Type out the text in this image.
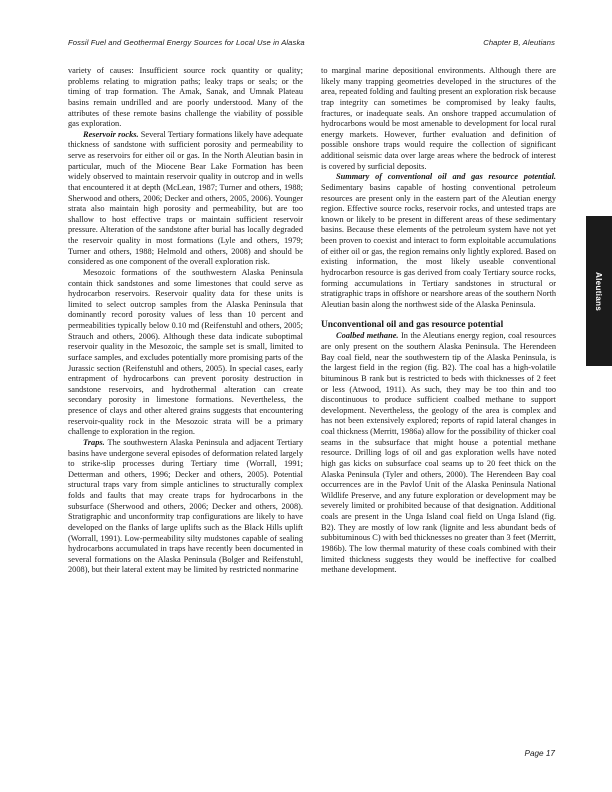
Fossil Fuel and Geothermal Energy Sources for Local Use in Alaska	Chapter B, Aleutians

variety of causes: Insufficient source rock quantity or quality; problems relating to migration paths; leaky traps or seals; or the timing of trap formation. The Amak, Sanak, and Umnak Plateau basins remain undrilled and are poorly understood. Many of the attributes of these remote basins challenge the viability of possible gas exploration.

Reservoir rocks. Several Tertiary formations likely have adequate thickness of sandstone with sufficient porosity and permeability to serve as reservoirs for either oil or gas. In the North Aleutian basin in particular, much of the Miocene Bear Lake Formation has been widely observed to maintain reservoir quality in outcrop and in wells that encountered it at depth (McLean, 1987; Turner and others, 1988; Sherwood and others, 2006; Decker and others, 2005, 2006). Younger strata also maintain high porosity and permeability, but are too shallow to host effective traps or maintain sufficient reservoir pressure. Alteration of the sandstone after burial has locally degraded the reservoir quality in most formations (Lyle and others, 1979; Turner and others, 1988; Helmold and others, 2008) and should be considered as one component of the overall exploration risk.

Mesozoic formations of the southwestern Alaska Peninsula contain thick sandstones and some limestones that could serve as hydrocarbon reservoirs. Reservoir quality data for these units is limited to select outcrop samples from the Alaska Peninsula that dominantly record porosity values of less than 10 percent and permeabilities typically below 0.10 md (Reifenstuhl and others, 2005; Strauch and others, 2006). Although these data indicate suboptimal reservoir quality in the Mesozoic, the sample set is small, limited to surface samples, and excludes potentially more promising parts of the Jurassic section (Reifenstuhl and others, 2005). In special cases, early entrapment of hydrocarbons can prevent porosity destruction in sandstone reservoirs, and hydrothermal alteration can create secondary porosity in limestone formations. Nevertheless, the presence of clays and other altered grains suggests that encountering reservoir-quality rock in the Mesozoic strata will be a primary challenge to exploration in the region.

Traps. The southwestern Alaska Peninsula and adjacent Tertiary basins have undergone several episodes of deformation related largely to strike-slip processes during Tertiary time (Worrall, 1991; Detterman and others, 1996; Decker and others, 2005). Potential structural traps vary from simple anticlines to structurally complex folds and faults that may create traps for hydrocarbons in the subsurface (Sherwood and others, 2006; Decker and others, 2008). Stratigraphic and unconformity trap configurations are likely to have developed on the flanks of large uplifts such as the Black Hills uplift (Worrall, 1991). Low-permeability silty mudstones capable of sealing hydrocarbons accumulated in traps have recently been documented in several formations on the Alaska Peninsula (Bolger and Reifenstuhl, 2008), but their lateral extent may be limited by restricted nonmarine

to marginal marine depositional environments. Although there are likely many trapping geometries developed in the structures of the area, repeated folding and faulting present an exploration risk because trap integrity can sometimes be compromised by leaky faults, fractures, or inadequate seals. An onshore trapped accumulation of hydrocarbons would be most amenable to development for local rural energy markets. However, further evaluation and definition of possible onshore traps would require the collection of significant additional seismic data over large areas where the bedrock of interest is covered by surficial deposits.

Summary of conventional oil and gas resource potential. Sedimentary basins capable of hosting conventional petroleum resources are present only in the eastern part of the Aleutian energy region. Effective source rocks, reservoir rocks, and untested traps are known or likely to be present in different areas of these sedimentary basins. Because these elements of the petroleum system have not yet been proven to coexist and interact to form exploitable accumulations of either oil or gas, the region remains only lightly explored. Based on existing information, the most likely useable conventional hydrocarbon resource is gas derived from coaly Tertiary source rocks, forming accumulations in Tertiary sandstones in structural or stratigraphic traps in offshore or nearshore areas of the southern North Aleutian basin along the northwest side of the Alaska Peninsula.

Unconventional oil and gas resource potential

Coalbed methane. In the Aleutians energy region, coal resources are only present on the southern Alaska Peninsula. The Herendeen Bay coal field, near the southwestern tip of the Alaska Peninsula, is the largest field in the region (fig. B2). The coal has a high-volatile bituminous B rank but is restricted to beds with thicknesses of 2 feet or less (Atwood, 1911). As such, they may be too thin and too discontinuous to produce sufficient coalbed methane to support development. Nevertheless, the geology of the area is complex and has not been extensively explored; reports of rapid lateral changes in coal thickness (Merritt, 1986a) allow for the possibility of thicker coal seams in the subsurface that might house a potential methane resource. Drilling logs of oil and gas exploration wells have noted high gas kicks on subsurface coal seams up to 20 feet thick on the Alaska Peninsula (Tyler and others, 2000). The Herendeen Bay coal occurrences are in the Pavlof Unit of the Alaska Peninsula National Wildlife Preserve, and any future exploration or development may be severely limited or prohibited because of that designation. Additional coals are present in the Unga Island coal field on Unga Island (fig. B2). They are mostly of low rank (lignite and less abundant beds of subbituminous C) with bed thicknesses no greater than 3 feet (Merritt, 1986b). The low thermal maturity of these coals combined with their limited thickness suggests they would be ineffective for coalbed methane development.

Aleutians
Page 17
